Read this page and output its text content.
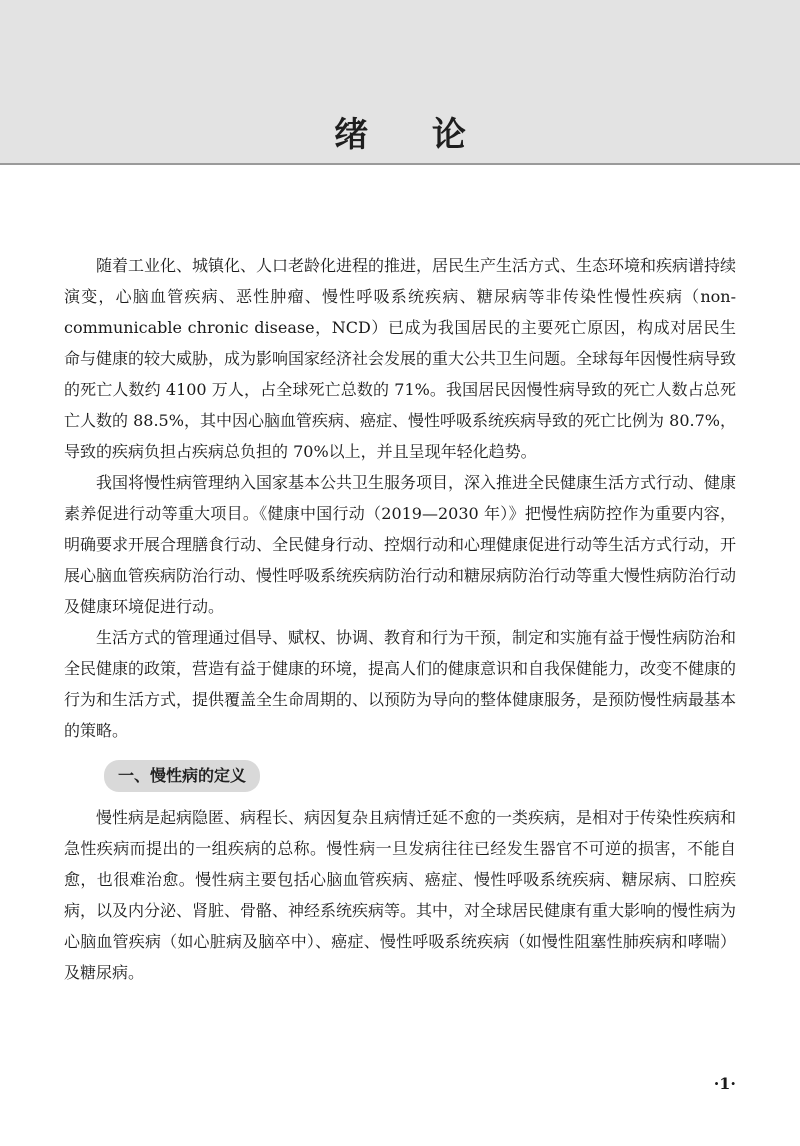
绪 论

随着工业化、城镇化、人口老龄化进程的推进，居民生产生活方式、生态环境和疾病谱持续演变，心脑血管疾病、恶性肿瘤、慢性呼吸系统疾病、糖尿病等非传染性慢性疾病（non-communicable chronic disease，NCD）已成为我国居民的主要死亡原因，构成对居民生命与健康的较大威胁，成为影响国家经济社会发展的重大公共卫生问题。全球每年因慢性病导致的死亡人数约 4100 万人，占全球死亡总数的 71%。我国居民因慢性病导致的死亡人数占总死亡人数的 88.5%，其中因心脑血管疾病、癌症、慢性呼吸系统疾病导致的死亡比例为 80.7%，导致的疾病负担占疾病总负担的 70%以上，并且呈现年轻化趋势。

我国将慢性病管理纳入国家基本公共卫生服务项目，深入推进全民健康生活方式行动、健康素养促进行动等重大项目。《健康中国行动（2019—2030 年）》把慢性病防控作为重要内容，明确要求开展合理膳食行动、全民健身行动、控烟行动和心理健康促进行动等生活方式行动，开展心脑血管疾病防治行动、慢性呼吸系统疾病防治行动和糖尿病防治行动等重大慢性病防治行动及健康环境促进行动。

生活方式的管理通过倡导、赋权、协调、教育和行为干预，制定和实施有益于慢性病防治和全民健康的政策，营造有益于健康的环境，提高人们的健康意识和自我保健能力，改变不健康的行为和生活方式，提供覆盖全生命周期的、以预防为导向的整体健康服务，是预防慢性病最基本的策略。

一、慢性病的定义

慢性病是起病隐匿、病程长、病因复杂且病情迁延不愈的一类疾病，是相对于传染性疾病和急性疾病而提出的一组疾病的总称。慢性病一旦发病往往已经发生器官不可逆的损害，不能自愈，也很难治愈。慢性病主要包括心脑血管疾病、癌症、慢性呼吸系统疾病、糖尿病、口腔疾病，以及内分泌、肾脏、骨骼、神经系统疾病等。其中，对全球居民健康有重大影响的慢性病为心脑血管疾病（如心脏病及脑卒中）、癌症、慢性呼吸系统疾病（如慢性阻塞性肺疾病和哮喘）及糖尿病。

·1·
